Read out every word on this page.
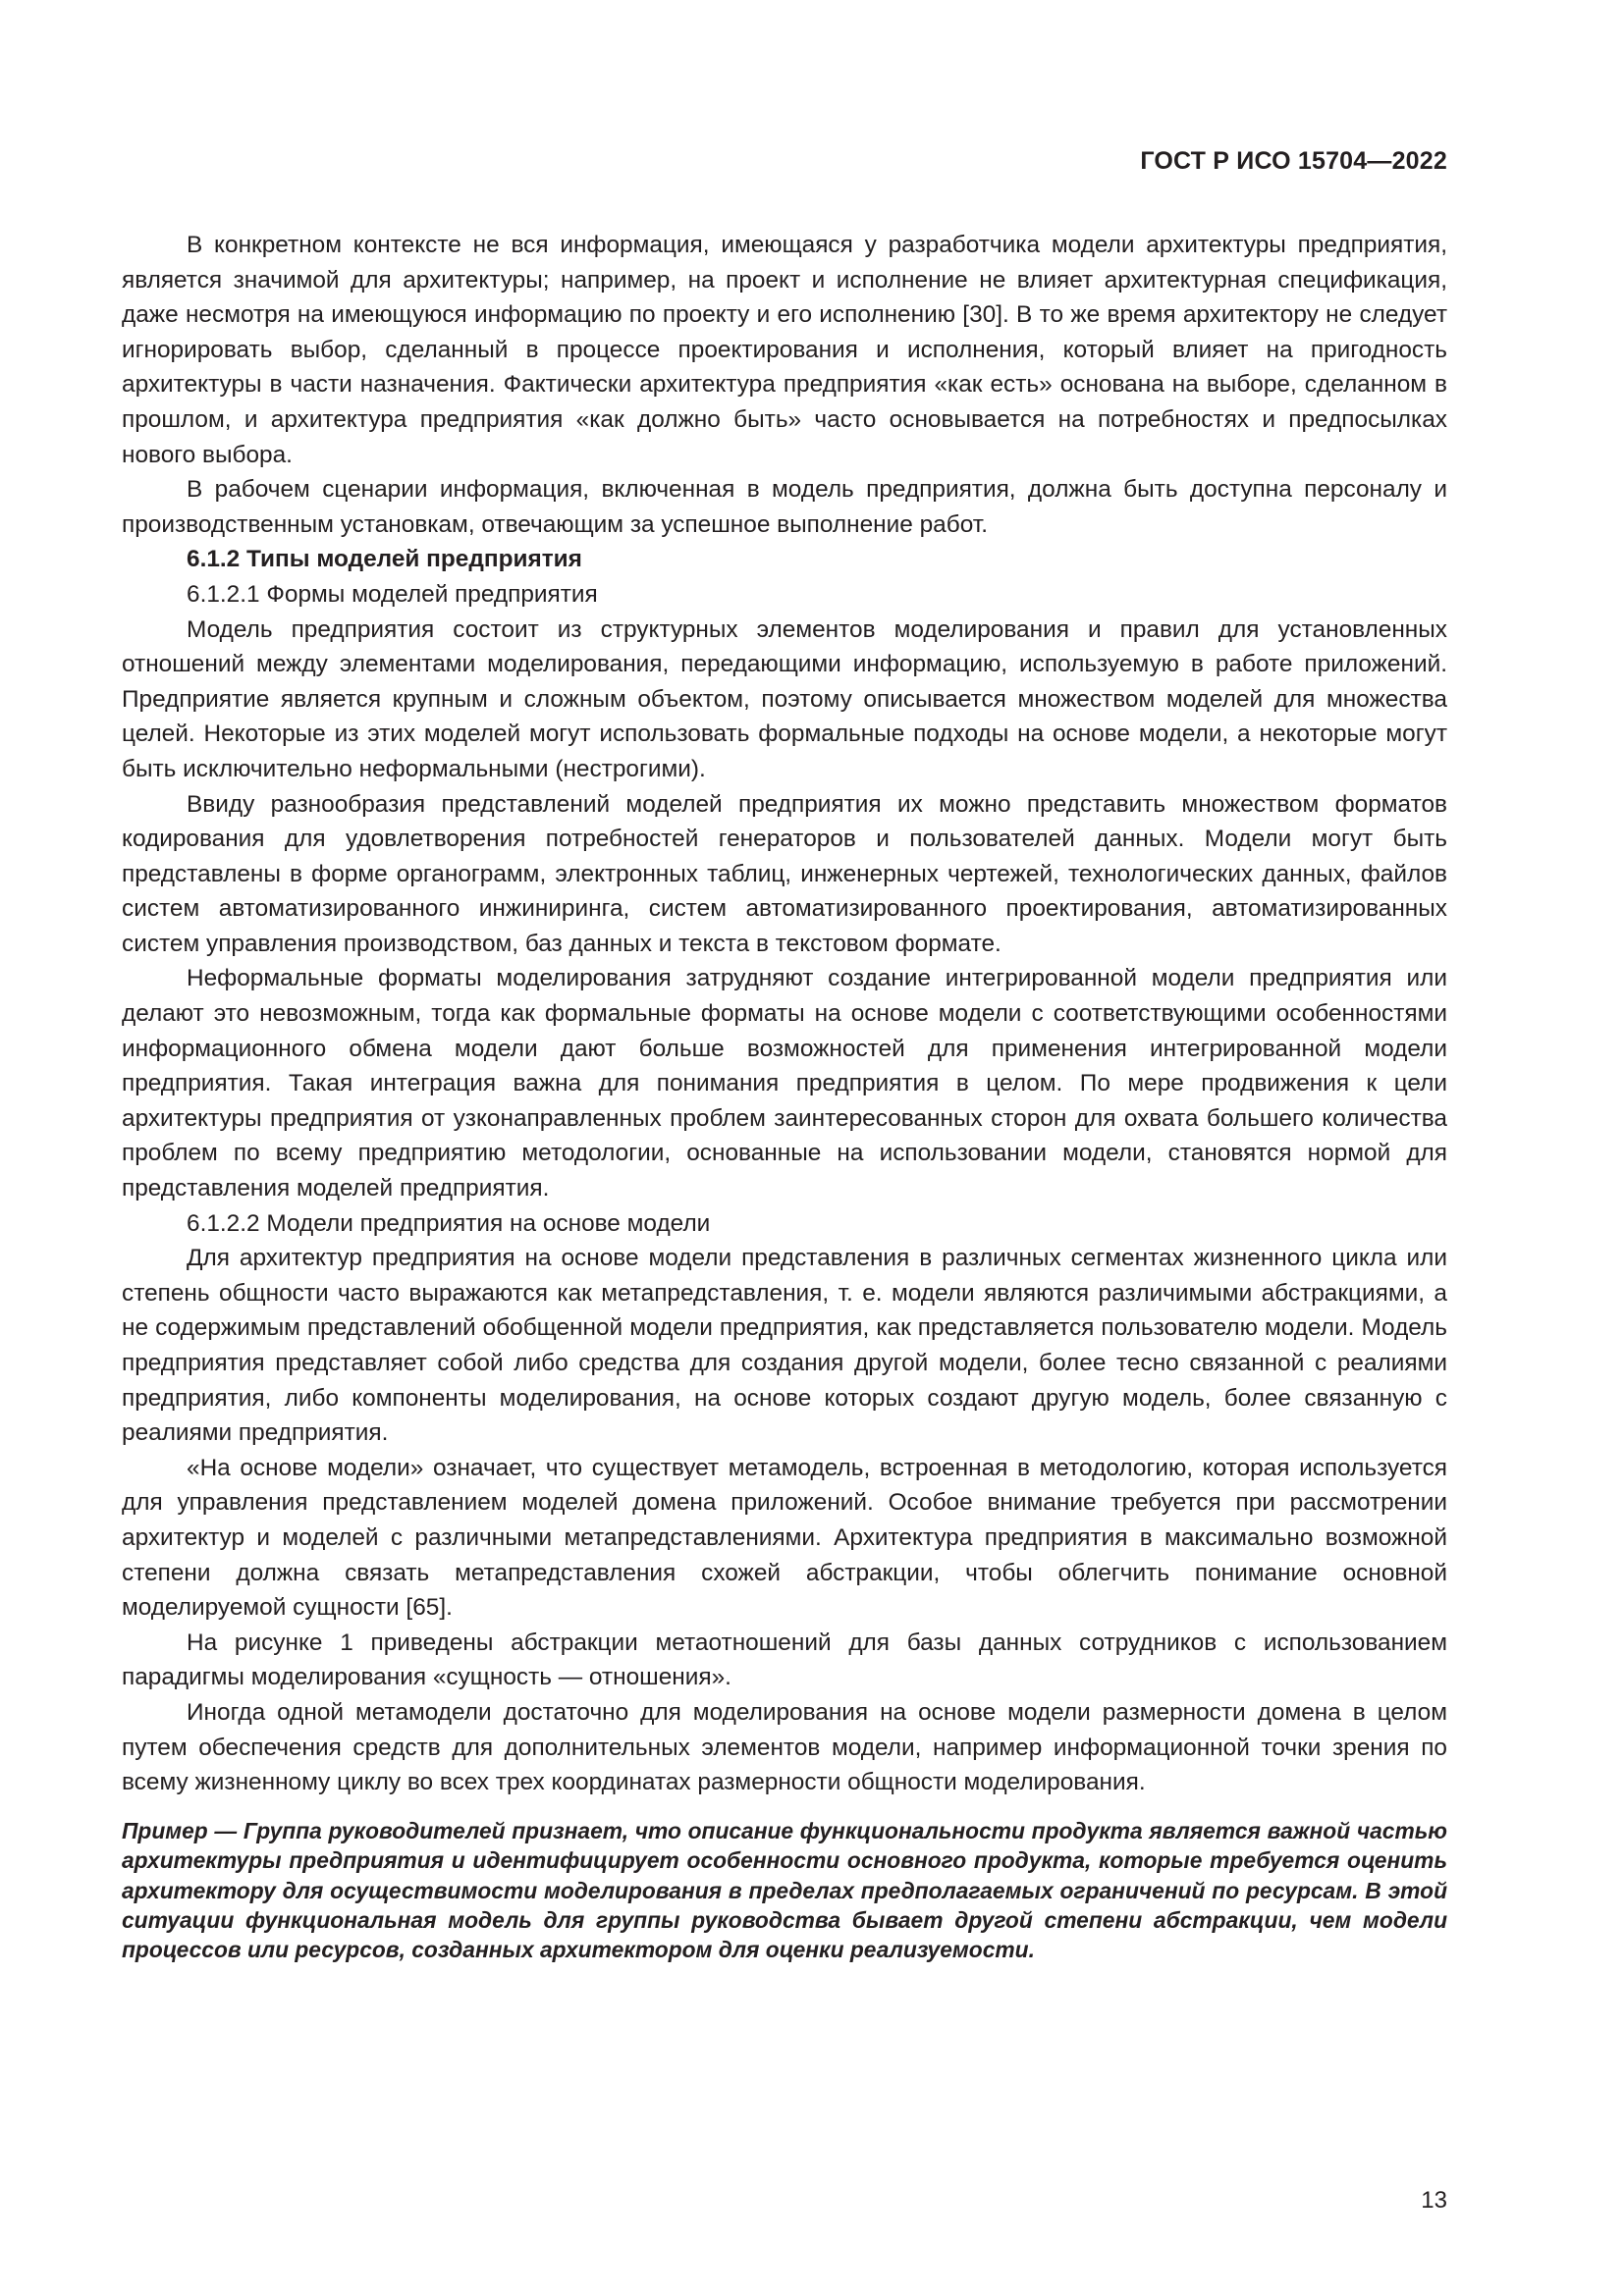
ГОСТ Р ИСО 15704—2022

В конкретном контексте не вся информация, имеющаяся у разработчика модели архитектуры предприятия, является значимой для архитектуры; например, на проект и исполнение не влияет архитектурная спецификация, даже несмотря на имеющуюся информацию по проекту и его исполнению [30]. В то же время архитектору не следует игнорировать выбор, сделанный в процессе проектирования и исполнения, который влияет на пригодность архитектуры в части назначения. Фактически архитектура предприятия «как есть» основана на выборе, сделанном в прошлом, и архитектура предприятия «как должно быть» часто основывается на потребностях и предпосылках нового выбора.

В рабочем сценарии информация, включенная в модель предприятия, должна быть доступна персоналу и производственным установкам, отвечающим за успешное выполнение работ.

6.1.2 Типы моделей предприятия

6.1.2.1 Формы моделей предприятия

Модель предприятия состоит из структурных элементов моделирования и правил для установленных отношений между элементами моделирования, передающими информацию, используемую в работе приложений. Предприятие является крупным и сложным объектом, поэтому описывается множеством моделей для множества целей. Некоторые из этих моделей могут использовать формальные подходы на основе модели, а некоторые могут быть исключительно неформальными (нестрогими).

Ввиду разнообразия представлений моделей предприятия их можно представить множеством форматов кодирования для удовлетворения потребностей генераторов и пользователей данных. Модели могут быть представлены в форме органограмм, электронных таблиц, инженерных чертежей, технологических данных, файлов систем автоматизированного инжиниринга, систем автоматизированного проектирования, автоматизированных систем управления производством, баз данных и текста в текстовом формате.

Неформальные форматы моделирования затрудняют создание интегрированной модели предприятия или делают это невозможным, тогда как формальные форматы на основе модели с соответствующими особенностями информационного обмена модели дают больше возможностей для применения интегрированной модели предприятия. Такая интеграция важна для понимания предприятия в целом. По мере продвижения к цели архитектуры предприятия от узконаправленных проблем заинтересованных сторон для охвата большего количества проблем по всему предприятию методологии, основанные на использовании модели, становятся нормой для представления моделей предприятия.

6.1.2.2 Модели предприятия на основе модели

Для архитектур предприятия на основе модели представления в различных сегментах жизненного цикла или степень общности часто выражаются как метапредставления, т. е. модели являются различимыми абстракциями, а не содержимым представлений обобщенной модели предприятия, как представляется пользователю модели. Модель предприятия представляет собой либо средства для создания другой модели, более тесно связанной с реалиями предприятия, либо компоненты моделирования, на основе которых создают другую модель, более связанную с реалиями предприятия.

«На основе модели» означает, что существует метамодель, встроенная в методологию, которая используется для управления представлением моделей домена приложений. Особое внимание требуется при рассмотрении архитектур и моделей с различными метапредставлениями. Архитектура предприятия в максимально возможной степени должна связать метапредставления схожей абстракции, чтобы облегчить понимание основной моделируемой сущности [65].

На рисунке 1 приведены абстракции метаотношений для базы данных сотрудников с использованием парадигмы моделирования «сущность — отношения».

Иногда одной метамодели достаточно для моделирования на основе модели размерности домена в целом путем обеспечения средств для дополнительных элементов модели, например информационной точки зрения по всему жизненному циклу во всех трех координатах размерности общности моделирования.

Пример — Группа руководителей признает, что описание функциональности продукта является важной частью архитектуры предприятия и идентифицирует особенности основного продукта, которые требуется оценить архитектору для осуществимости моделирования в пределах предполагаемых ограничений по ресурсам. В этой ситуации функциональная модель для группы руководства бывает другой степени абстракции, чем модели процессов или ресурсов, созданных архитектором для оценки реализуемости.

13
